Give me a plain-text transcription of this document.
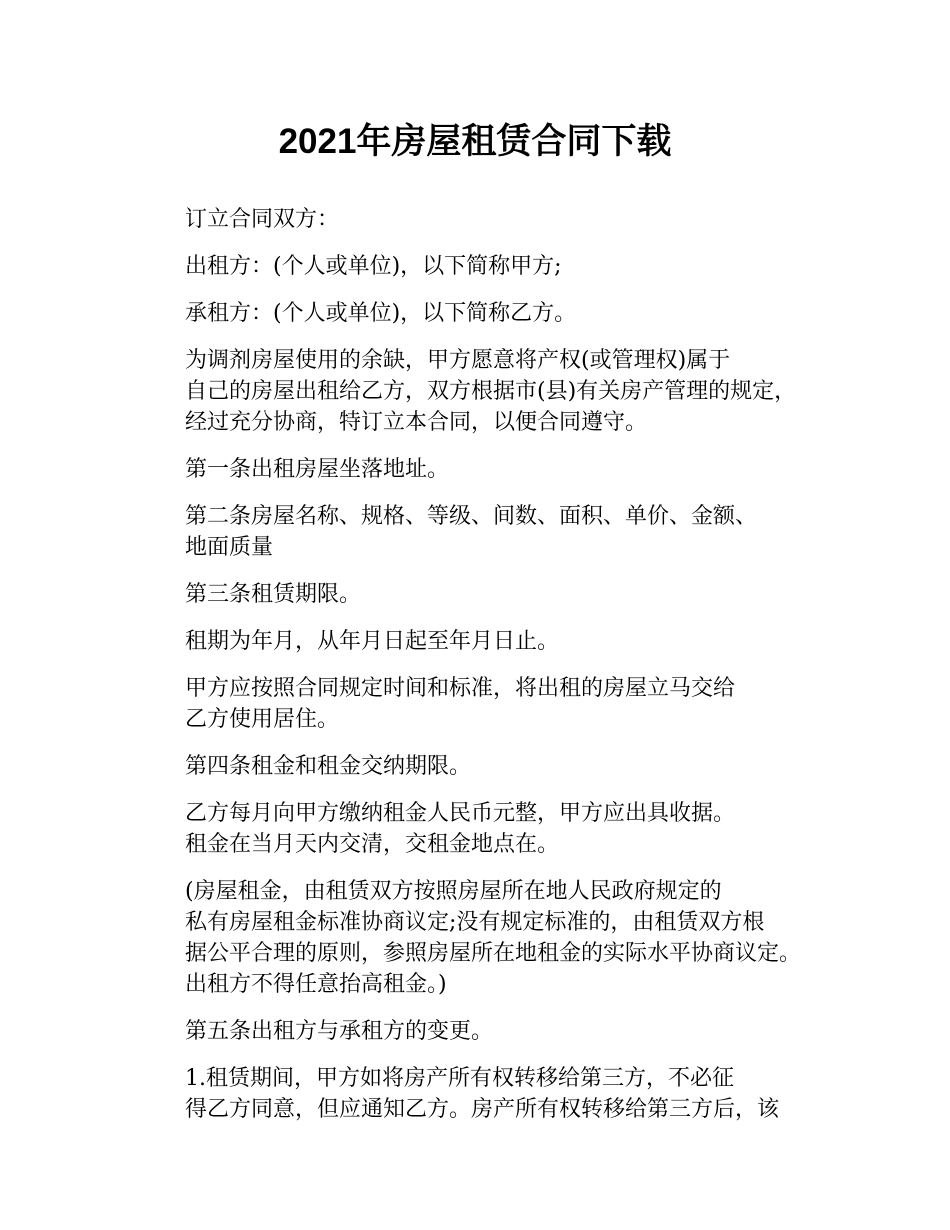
2021年房屋租赁合同下载

订立合同双方：

出租方：(个人或单位)，以下简称甲方;

承租方：(个人或单位)，以下简称乙方。

为调剂房屋使用的余缺，甲方愿意将产权(或管理权)属于
自己的房屋出租给乙方，双方根据市(县)有关房产管理的规定，
经过充分协商，特订立本合同，以便合同遵守。

第一条出租房屋坐落地址。

第二条房屋名称、规格、等级、间数、面积、单价、金额、
地面质量

第三条租赁期限。

租期为年月，从年月日起至年月日止。

甲方应按照合同规定时间和标准，将出租的房屋立马交给
乙方使用居住。

第四条租金和租金交纳期限。

乙方每月向甲方缴纳租金人民币元整，甲方应出具收据。
租金在当月天内交清，交租金地点在。

(房屋租金，由租赁双方按照房屋所在地人民政府规定的
私有房屋租金标准协商议定;没有规定标准的，由租赁双方根
据公平合理的原则，参照房屋所在地租金的实际水平协商议定。
出租方不得任意抬高租金。)

第五条出租方与承租方的变更。

1.租赁期间，甲方如将房产所有权转移给第三方，不必征
得乙方同意，但应通知乙方。房产所有权转移给第三方后，该
